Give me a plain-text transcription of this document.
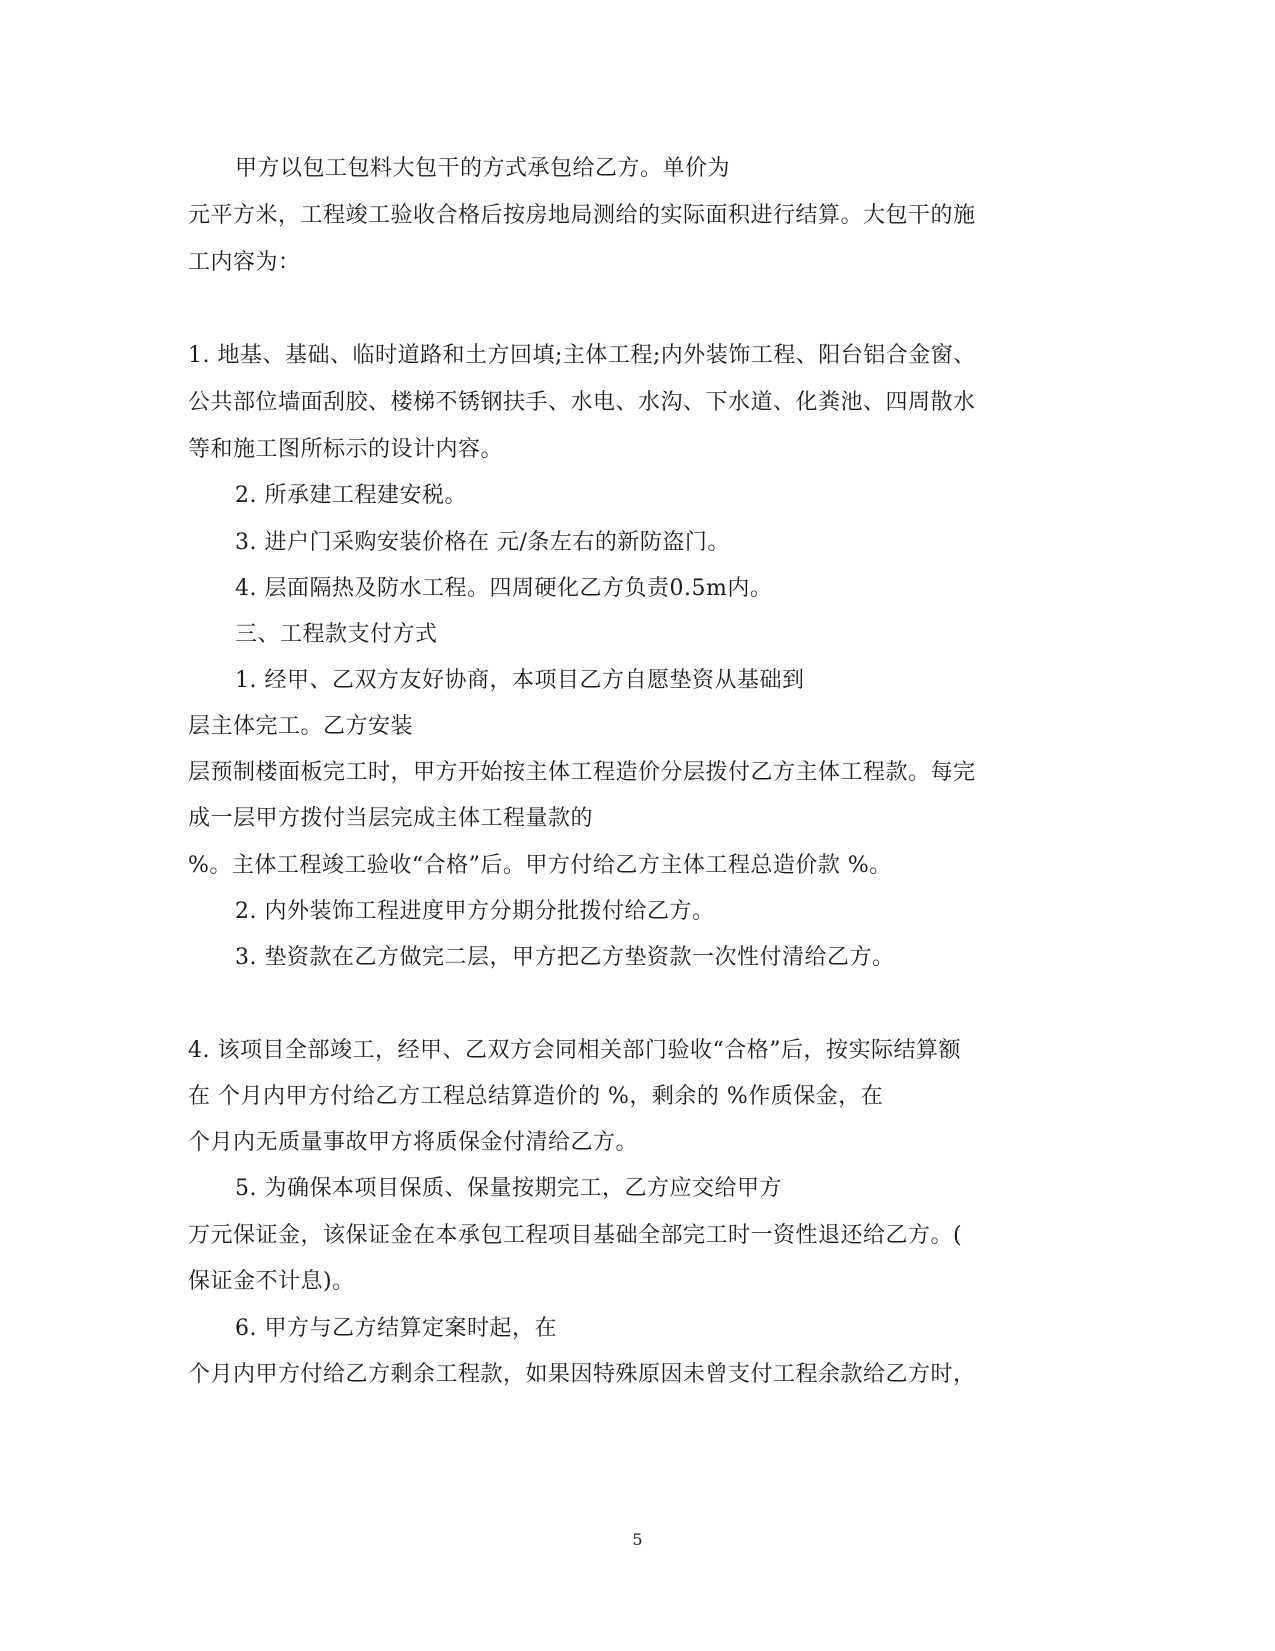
甲方以包工包料大包干的方式承包给乙方。单价为
元平方米，工程竣工验收合格后按房地局测给的实际面积进行结算。大包干的施
工内容为：
1. 地基、基础、临时道路和土方回填;主体工程;内外装饰工程、阳台铝合金窗、
公共部位墙面刮胶、楼梯不锈钢扶手、水电、水沟、下水道、化粪池、四周散水
等和施工图所标示的设计内容。
2. 所承建工程建安税。
3. 进户门采购安装价格在 元/条左右的新防盗门。
4. 层面隔热及防水工程。四周硬化乙方负责0.5m内。
三、工程款支付方式
1. 经甲、乙双方友好协商，本项目乙方自愿垫资从基础到
层主体完工。乙方安装
层预制楼面板完工时，甲方开始按主体工程造价分层拨付乙方主体工程款。每完
成一层甲方拨付当层完成主体工程量款的
%。主体工程竣工验收“合格”后。甲方付给乙方主体工程总造价款 %。
2. 内外装饰工程进度甲方分期分批拨付给乙方。
3. 垫资款在乙方做完二层，甲方把乙方垫资款一次性付清给乙方。
4. 该项目全部竣工，经甲、乙双方会同相关部门验收“合格”后，按实际结算额
在 个月内甲方付给乙方工程总结算造价的 %，剩余的 %作质保金，在
个月内无质量事故甲方将质保金付清给乙方。
5. 为确保本项目保质、保量按期完工，乙方应交给甲方
万元保证金，该保证金在本承包工程项目基础全部完工时一资性退还给乙方。(
保证金不计息)。
6. 甲方与乙方结算定案时起，在
个月内甲方付给乙方剩余工程款，如果因特殊原因未曾支付工程余款给乙方时，
5
